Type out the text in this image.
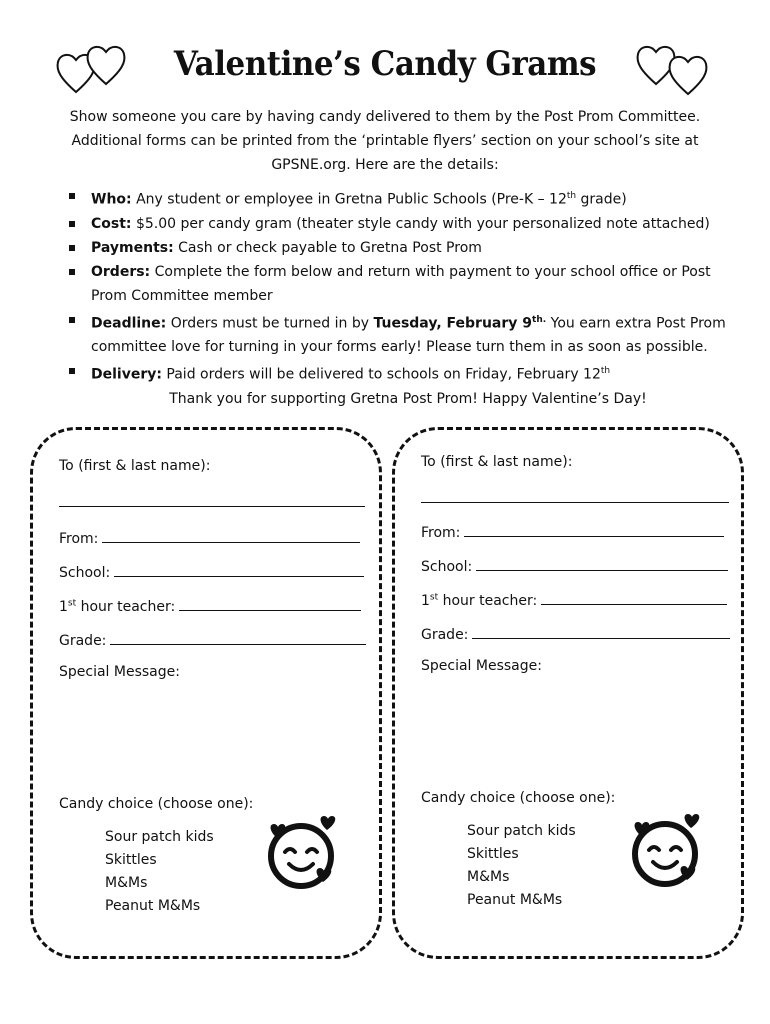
Valentine’s Candy Grams
Show someone you care by having candy delivered to them by the Post Prom Committee. Additional forms can be printed from the ‘printable flyers’ section on your school’s site at GPSNE.org. Here are the details:
Who: Any student or employee in Gretna Public Schools (Pre-K – 12th grade)
Cost: $5.00 per candy gram (theater style candy with your personalized note attached)
Payments: Cash or check payable to Gretna Post Prom
Orders: Complete the form below and return with payment to your school office or Post Prom Committee member
Deadline: Orders must be turned in by Tuesday, February $9^{th.}$ You earn extra Post Prom committee love for turning in your forms early! Please turn them in as soon as possible.
Delivery: Paid orders will be delivered to schools on Friday, February 12th
Thank you for supporting Gretna Post Prom! Happy Valentine’s Day!
To (first & last name):
From:
School:
1st hour teacher:
Grade:
Special Message:
Candy choice (choose one):
Sour patch kids
Skittles
M&Ms
Peanut M&Ms
To (first & last name):
From:
School:
1st hour teacher:
Grade:
Special Message:
Candy choice (choose one):
Sour patch kids
Skittles
M&Ms
Peanut M&Ms
